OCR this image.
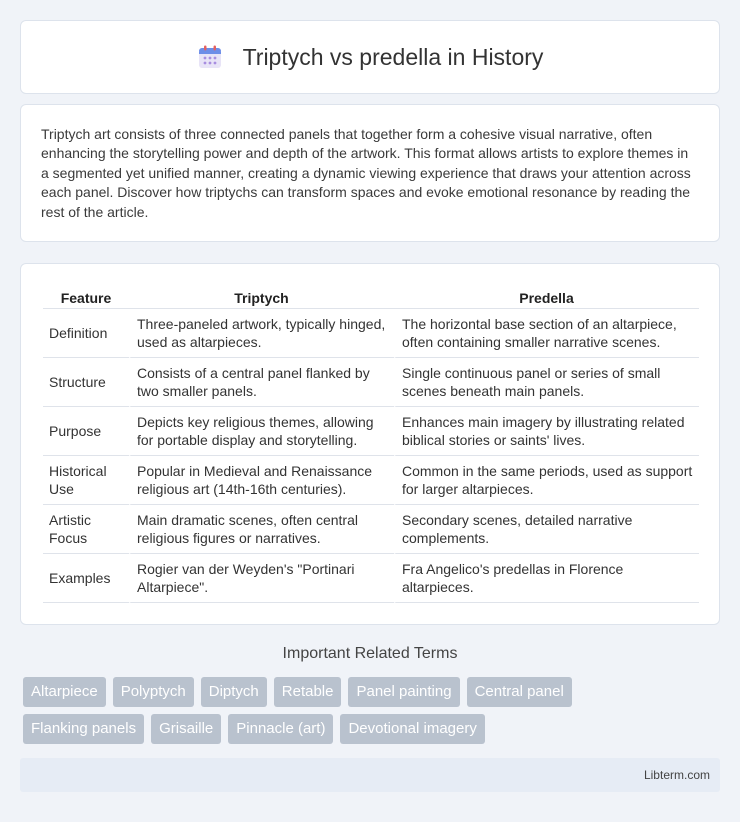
Triptych vs predella in History

Triptych art consists of three connected panels that together form a cohesive visual narrative, often enhancing the storytelling power and depth of the artwork. This format allows artists to explore themes in a segmented yet unified manner, creating a dynamic viewing experience that draws your attention across each panel. Discover how triptychs can transform spaces and evoke emotional resonance by reading the rest of the article.

Feature	Triptych	Predella
Definition	Three-paneled artwork, typically hinged, used as altarpieces.	The horizontal base section of an altarpiece, often containing smaller narrative scenes.
Structure	Consists of a central panel flanked by two smaller panels.	Single continuous panel or series of small scenes beneath main panels.
Purpose	Depicts key religious themes, allowing for portable display and storytelling.	Enhances main imagery by illustrating related biblical stories or saints' lives.
Historical Use	Popular in Medieval and Renaissance religious art (14th-16th centuries).	Common in the same periods, used as support for larger altarpieces.
Artistic Focus	Main dramatic scenes, often central religious figures or narratives.	Secondary scenes, detailed narrative complements.
Examples	Rogier van der Weyden's "Portinari Altarpiece".	Fra Angelico's predellas in Florence altarpieces.
Important Related Terms
Altarpiece	Polyptych	Diptych	Retable	Panel painting	Central panel
Flanking panels	Grisaille	Pinnacle (art)	Devotional imagery
Libterm.com
